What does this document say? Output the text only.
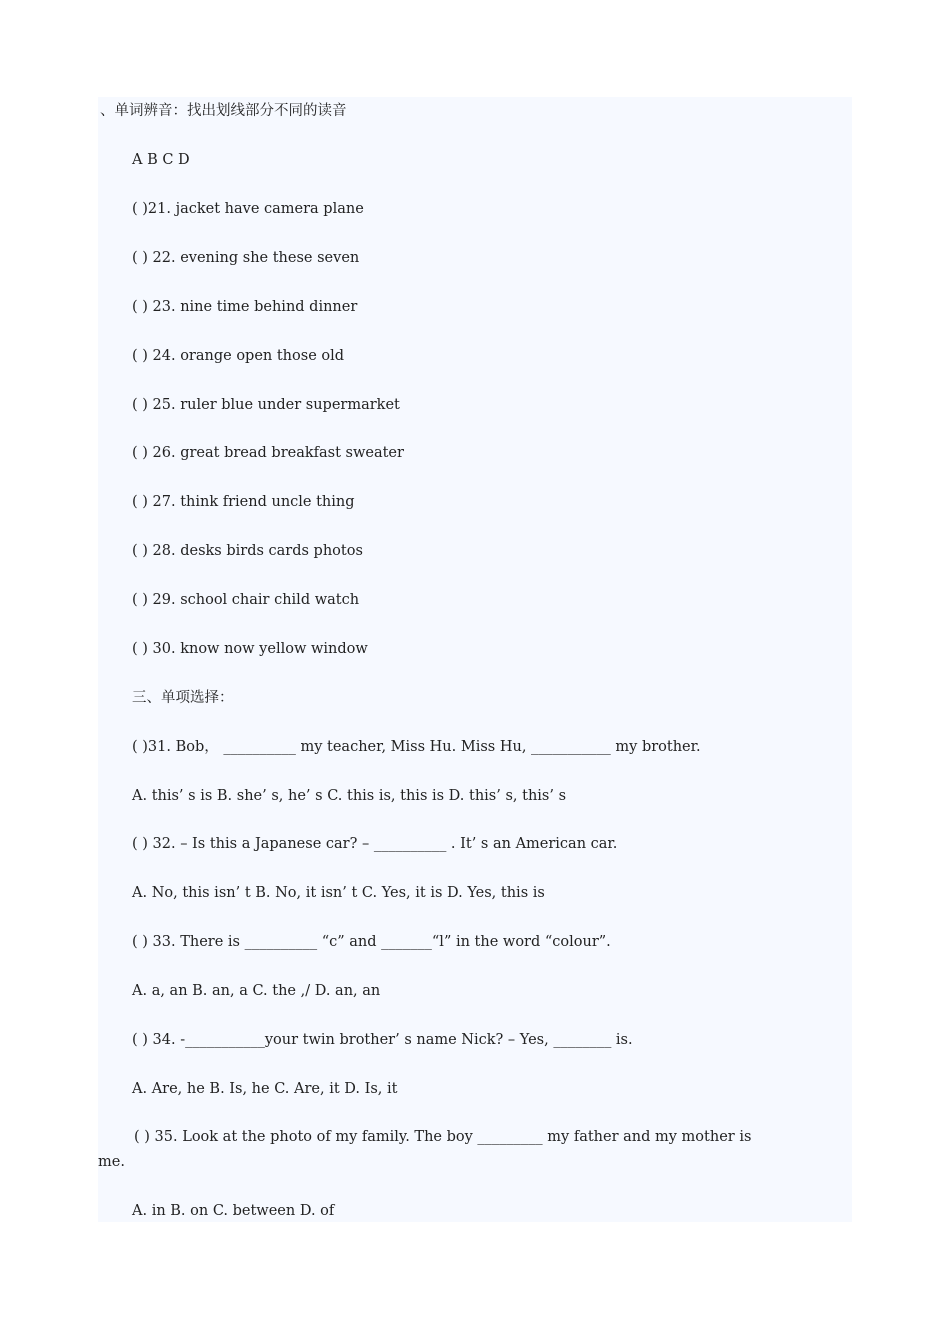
、单词辨音：找出划线部分不同的读音
A B C D
( )21. jacket have camera plane
( ) 22. evening she these seven
( ) 23. nine time behind dinner
( ) 24. orange open those old
( ) 25. ruler blue under supermarket
( ) 26. great bread breakfast sweater
( ) 27. think friend uncle thing
( ) 28. desks birds cards photos
( ) 29. school chair child watch
( ) 30. know now yellow window
三、单项选择：
( )31. Bob， __________ my teacher, Miss Hu. Miss Hu, ___________ my brother.
A. this’ s is B. she’ s, he’ s C. this is, this is D. this’ s, this’ s
( ) 32. – Is this a Japanese car? – __________ . It’ s an American car.
A. No, this isn’ t B. No, it isn’ t C. Yes, it is D. Yes, this is
( ) 33. There is __________ “c” and _______“l” in the word “colour”.
A. a, an B. an, a C. the ,/ D. an, an
( ) 34. -___________your twin brother’ s name Nick? – Yes, ________ is.
A. Are, he B. Is, he C. Are, it D. Is, it
( ) 35. Look at the photo of my family. The boy _________ my father and my mother is
me.
A. in B. on C. between D. of
